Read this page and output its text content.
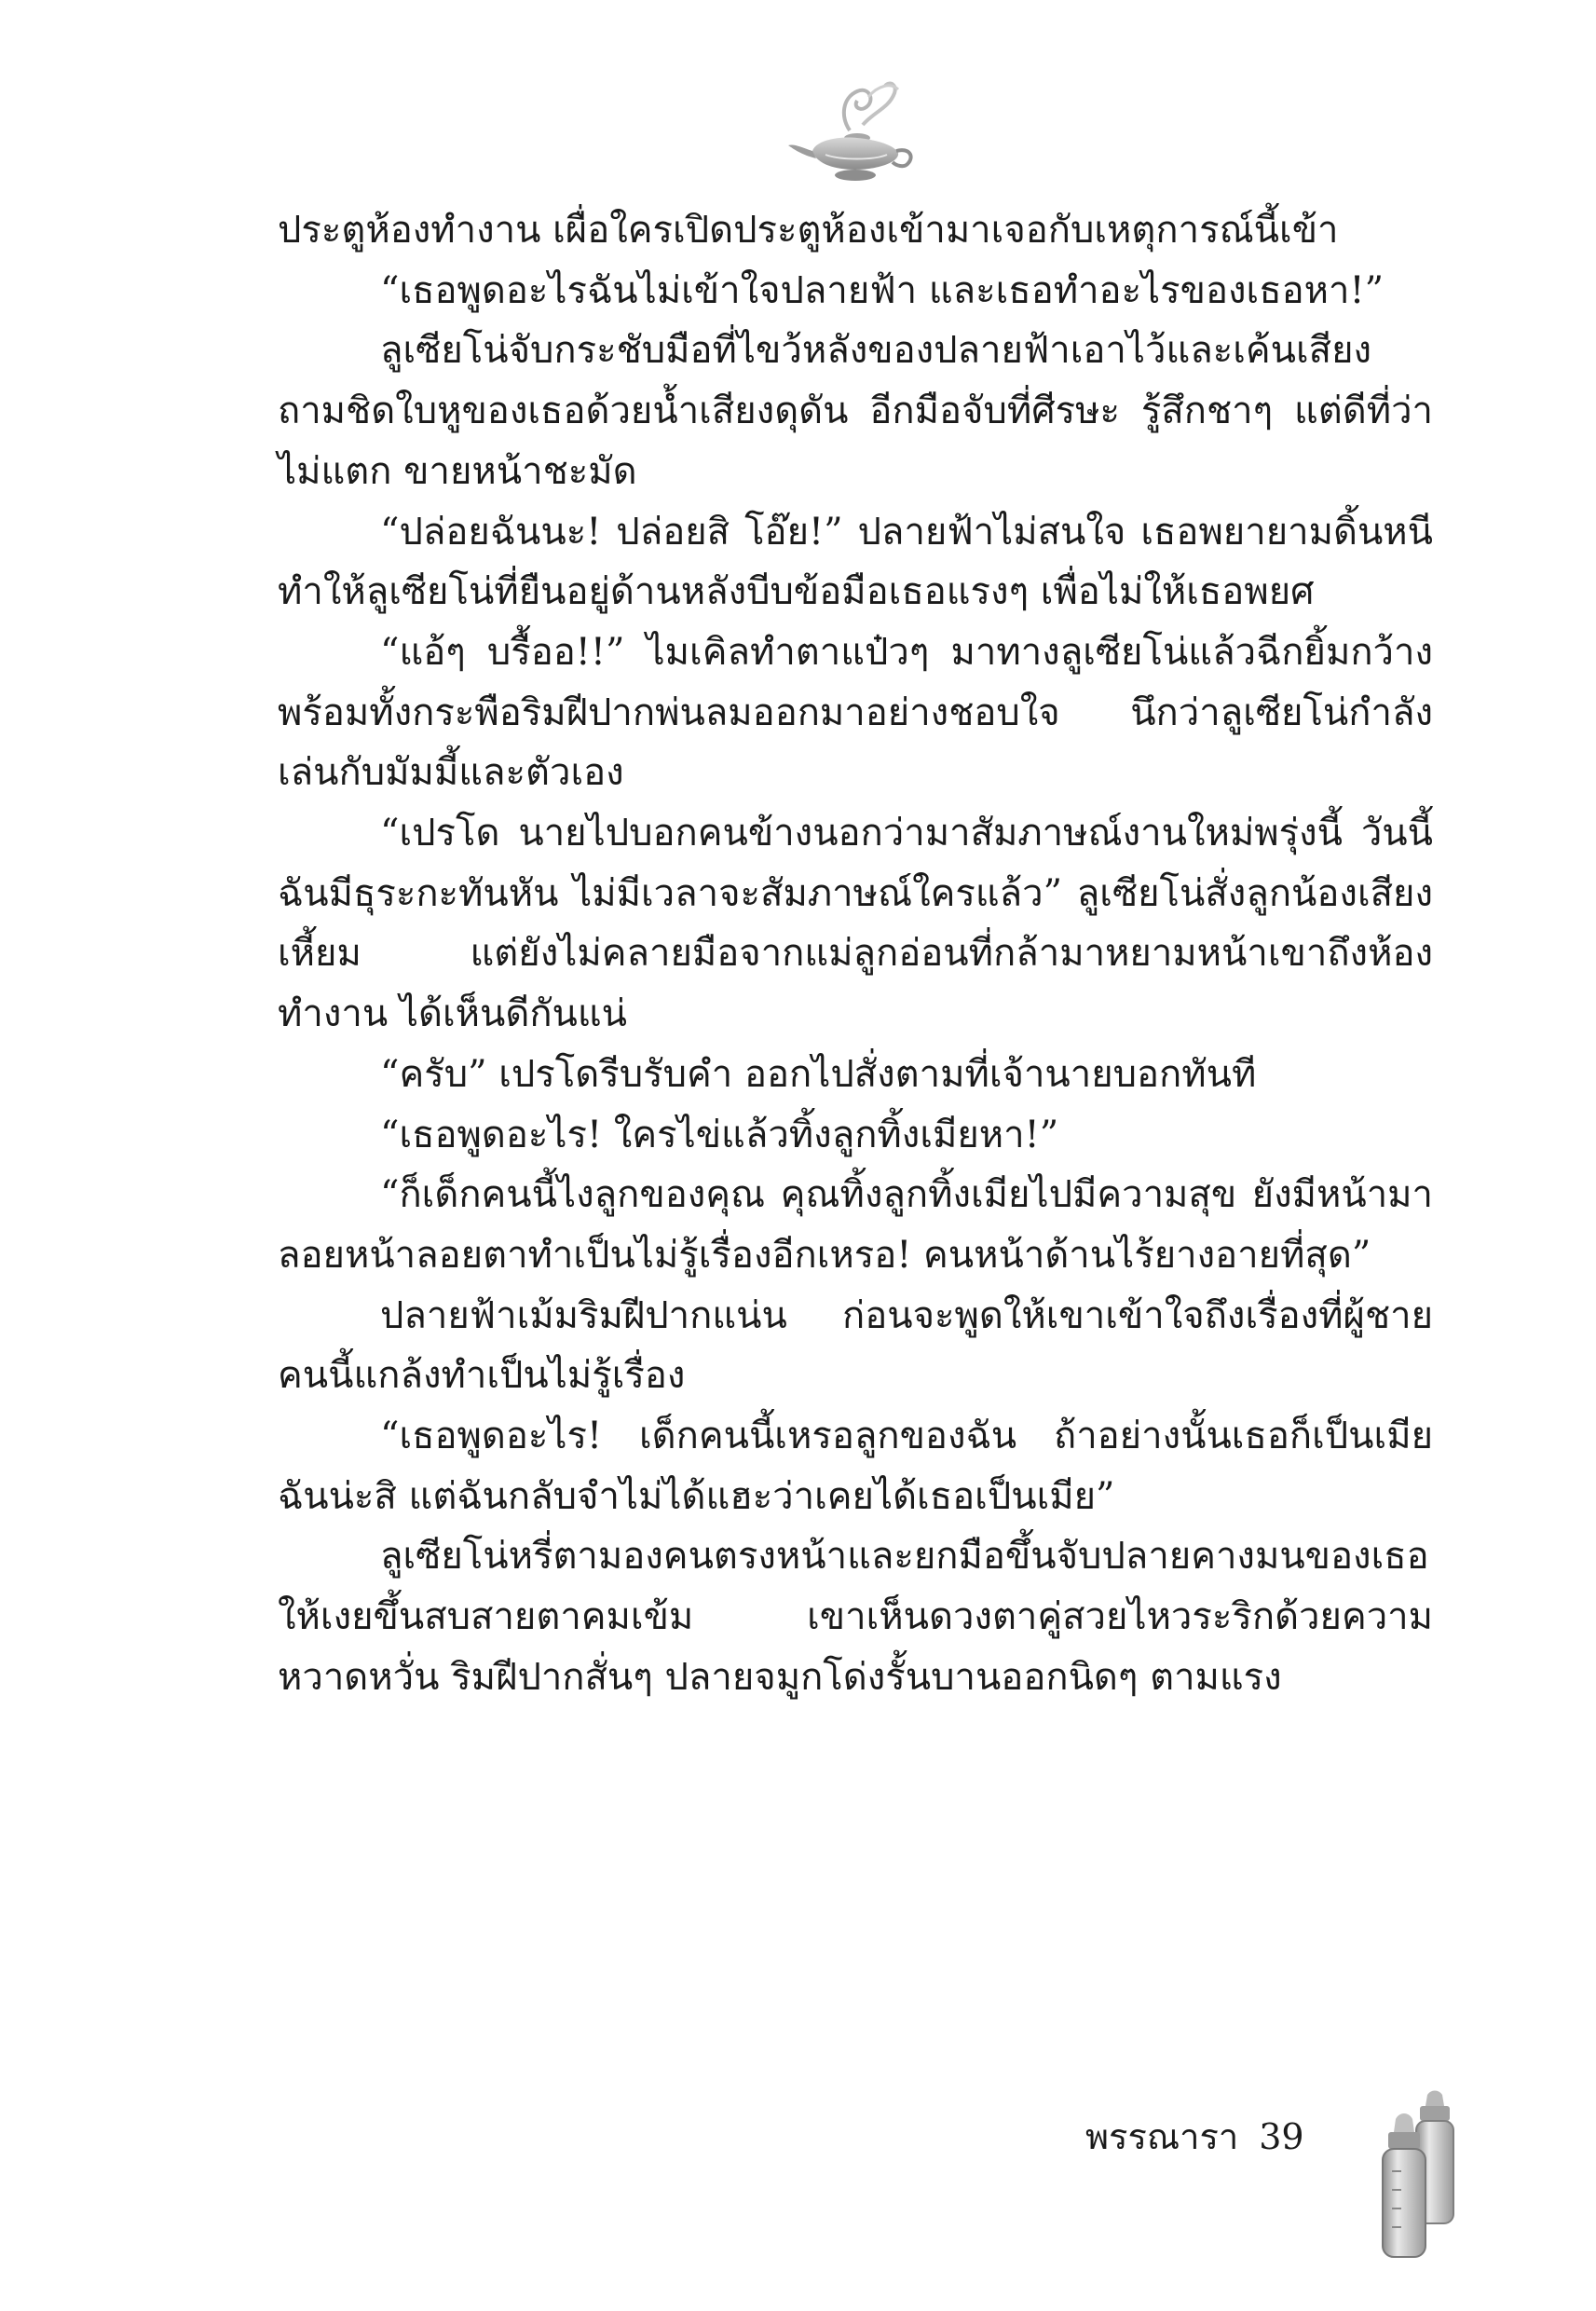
ประตูห้องทำงาน เผื่อใครเปิดประตูห้องเข้ามาเจอกับเหตุการณ์นี้เข้า

“เธอพูดอะไรฉันไม่เข้าใจปลายฟ้า และเธอทำอะไรของเธอหา!”

ลูเซียโน่จับกระชับมือที่ไขว้หลังของปลายฟ้าเอาไว้และเค้นเสียงถามชิดใบหูของเธอด้วยน้ำเสียงดุดัน อีกมือจับที่ศีรษะ รู้สึกชาๆ แต่ดีที่ว่าไม่แตก ขายหน้าชะมัด

“ปล่อยฉันนะ! ปล่อยสิ โอ๊ย!” ปลายฟ้าไม่สนใจ เธอพยายามดิ้นหนี ทำให้ลูเซียโน่ที่ยืนอยู่ด้านหลังบีบข้อมือเธอแรงๆ เพื่อไม่ให้เธอพยศ

“แอ้ๆ บรื้ออ!!” ไมเคิลทำตาแป๋วๆ มาทางลูเซียโน่แล้วฉีกยิ้มกว้างพร้อมทั้งกระพือริมฝีปากพ่นลมออกมาอย่างชอบใจ นึกว่าลูเซียโน่กำลังเล่นกับมัมมี้และตัวเอง

“เปรโด นายไปบอกคนข้างนอกว่ามาสัมภาษณ์งานใหม่พรุ่งนี้ วันนี้ฉันมีธุระกะทันหัน ไม่มีเวลาจะสัมภาษณ์ใครแล้ว” ลูเซียโน่สั่งลูกน้องเสียงเหี้ยม แต่ยังไม่คลายมือจากแม่ลูกอ่อนที่กล้ามาหยามหน้าเขาถึงห้องทำงาน ได้เห็นดีกันแน่

“ครับ” เปรโดรีบรับคำ ออกไปสั่งตามที่เจ้านายบอกทันที

“เธอพูดอะไร! ใครไข่แล้วทิ้งลูกทิ้งเมียหา!”

“ก็เด็กคนนี้ไงลูกของคุณ คุณทิ้งลูกทิ้งเมียไปมีความสุข ยังมีหน้ามาลอยหน้าลอยตาทำเป็นไม่รู้เรื่องอีกเหรอ! คนหน้าด้านไร้ยางอายที่สุด”

ปลายฟ้าเม้มริมฝีปากแน่น ก่อนจะพูดให้เขาเข้าใจถึงเรื่องที่ผู้ชายคนนี้แกล้งทำเป็นไม่รู้เรื่อง

“เธอพูดอะไร! เด็กคนนี้เหรอลูกของฉัน ถ้าอย่างนั้นเธอก็เป็นเมียฉันน่ะสิ แต่ฉันกลับจำไม่ได้แฮะว่าเคยได้เธอเป็นเมีย”

ลูเซียโน่หรี่ตามองคนตรงหน้าและยกมือขึ้นจับปลายคางมนของเธอให้เงยขึ้นสบสายตาคมเข้ม เขาเห็นดวงตาคู่สวยไหวระริกด้วยความหวาดหวั่น ริมฝีปากสั่นๆ ปลายจมูกโด่งรั้นบานออกนิดๆ ตามแรง

พรรณารา 39
